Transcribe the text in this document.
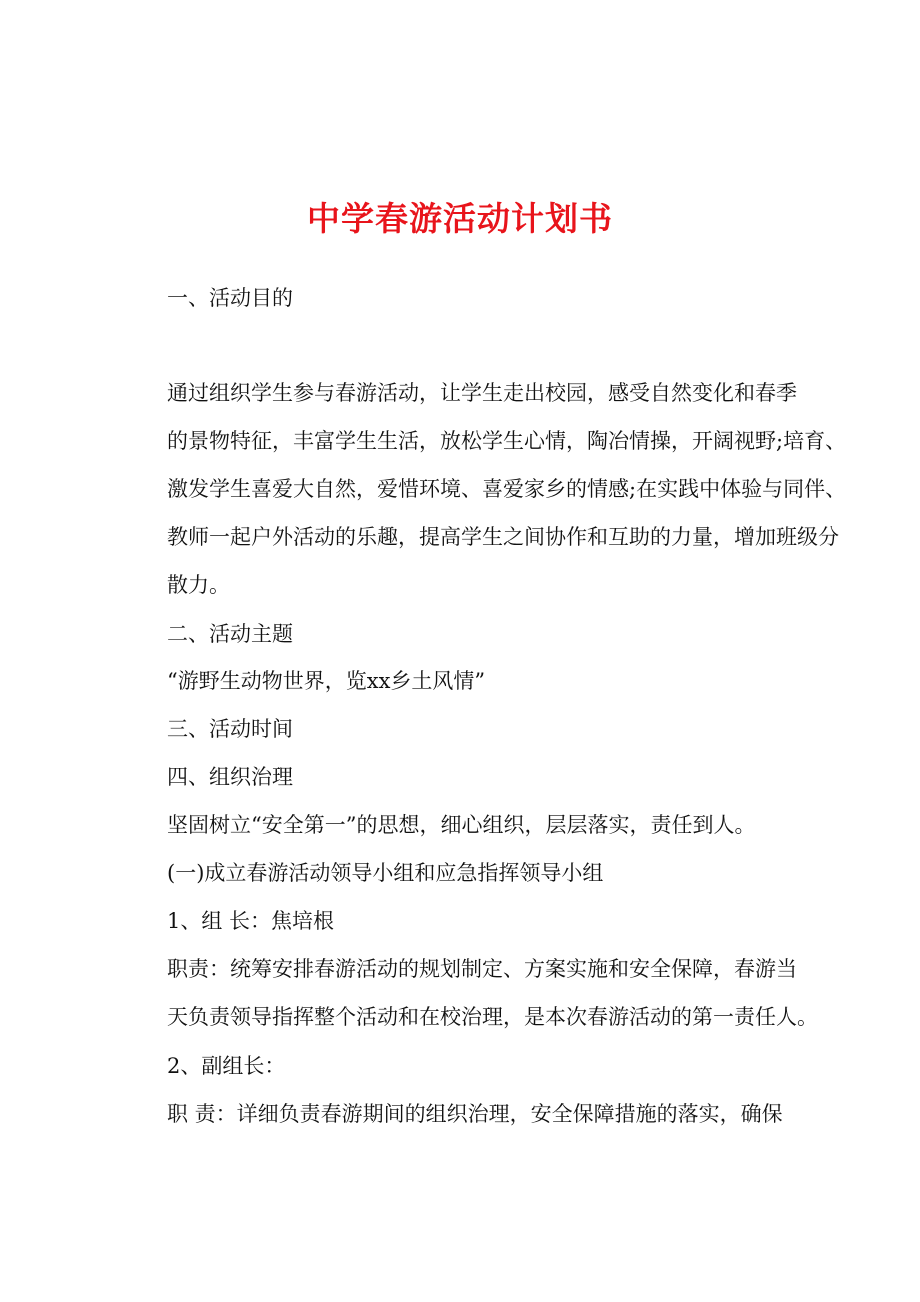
中学春游活动计划书
一、活动目的
通过组织学生参与春游活动，让学生走出校园，感受自然变化和春季
的景物特征，丰富学生生活，放松学生心情，陶冶情操，开阔视野;培育、
激发学生喜爱大自然，爱惜环境、喜爱家乡的情感;在实践中体验与同伴、
教师一起户外活动的乐趣，提高学生之间协作和互助的力量，增加班级分
散力。
二、活动主题
“游野生动物世界，览xx乡土风情”
三、活动时间
四、组织治理
坚固树立“安全第一”的思想，细心组织，层层落实，责任到人。
(一)成立春游活动领导小组和应急指挥领导小组
1、组 长：焦培根
职责：统筹安排春游活动的规划制定、方案实施和安全保障，春游当
天负责领导指挥整个活动和在校治理，是本次春游活动的第一责任人。
2、副组长：
职 责：详细负责春游期间的组织治理，安全保障措施的落实，确保
